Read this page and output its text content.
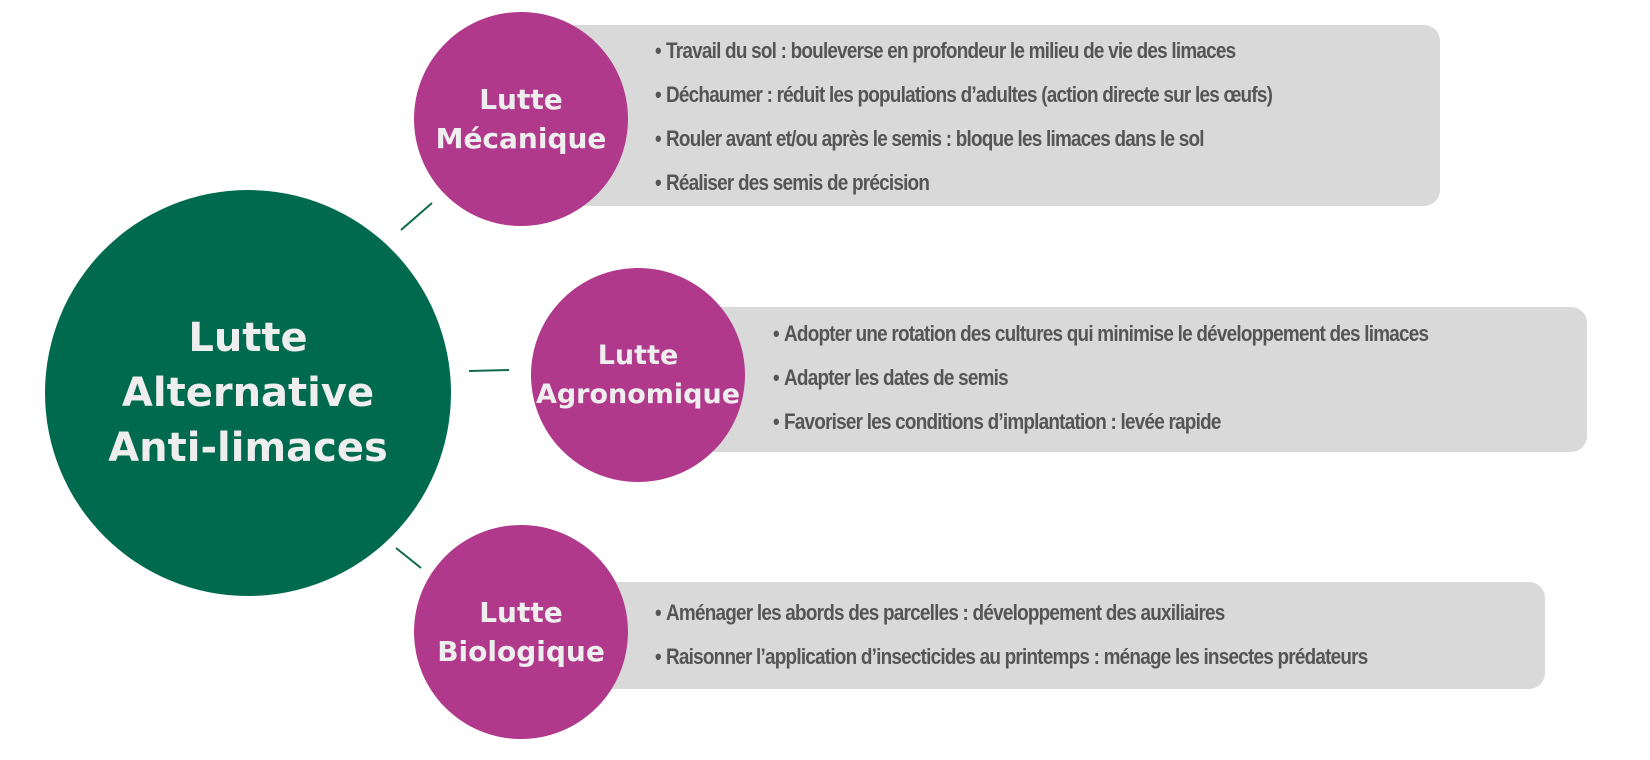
Lutte
Alternative
Anti-limaces
• Travail du sol : bouleverse en profondeur le milieu de vie des limaces
• Déchaumer : réduit les populations d’adultes (action directe sur les œufs)
• Rouler avant et/ou après le semis : bloque les limaces dans le sol
• Réaliser des semis de précision
Lutte
Mécanique
• Adopter une rotation des cultures qui minimise le développement des limaces
• Adapter les dates de semis
• Favoriser les conditions d’implantation : levée rapide
Lutte
Agronomique
• Aménager les abords des parcelles : développement des auxiliaires
• Raisonner l’application d’insecticides au printemps : ménage les insectes prédateurs
Lutte
Biologique
